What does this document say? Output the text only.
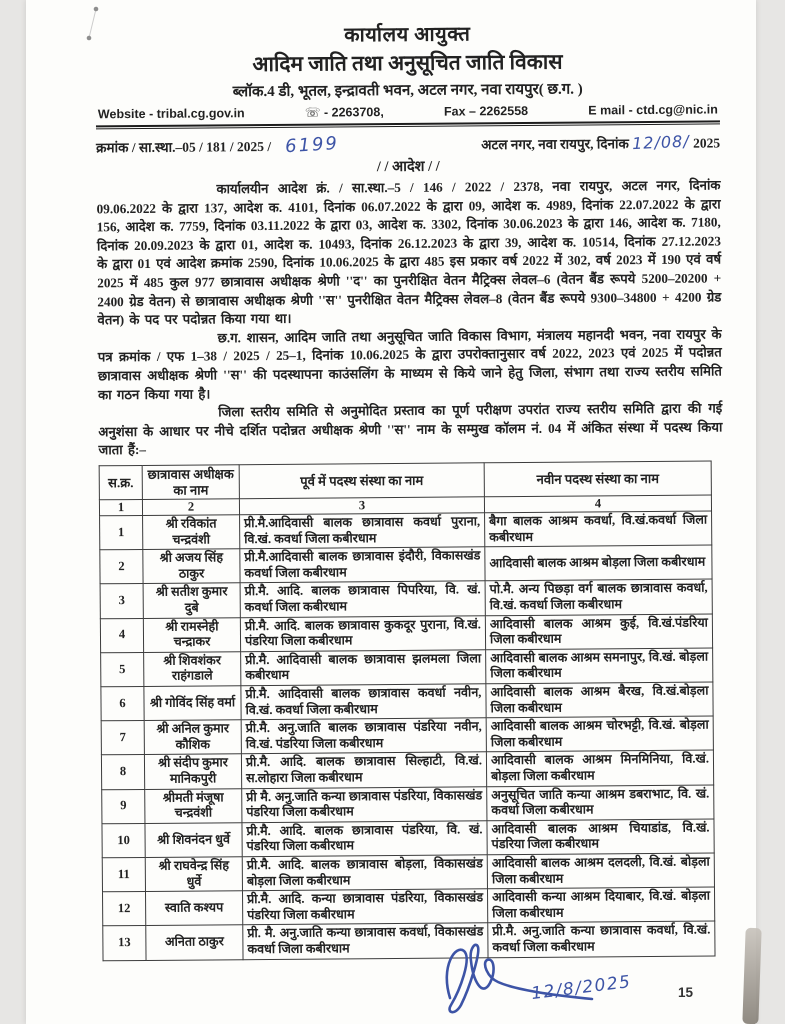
कार्यालय आयुक्त
आदिम जाति तथा अनुसूचित जाति विकास
ब्लॉक.4 डी, भूतल, इन्द्रावती भवन, अटल नगर, नवा रायपुर( छ.ग. )
Website - tribal.cg.gov.in	☏ - 2263708,	Fax – 2262558	E mail - ctd.cg@nic.in
क्रमांक / सा.स्था.–05 / 181 / 2025 / 6199	अटल नगर, नवा रायपुर, दिनांक 12/08/ 2025
/ / आदेश / /

कार्यालयीन आदेश क्रं. / सा.स्था.–5 / 146 / 2022 / 2378, नवा रायपुर, अटल नगर, दिनांक 09.06.2022 के द्वारा 137, आदेश क. 4101, दिनांक 06.07.2022 के द्वारा 09, आदेश क. 4989, दिनांक 22.07.2022 के द्वारा 156, आदेश क. 7759, दिनांक 03.11.2022 के द्वारा 03, आदेश क. 3302, दिनांक 30.06.2023 के द्वारा 146, आदेश क. 7180, दिनांक 20.09.2023 के द्वारा 01, आदेश क. 10493, दिनांक 26.12.2023 के द्वारा 39, आदेश क. 10514, दिनांक 27.12.2023 के द्वारा 01 एवं आदेश क्रमांक 2590, दिनांक 10.06.2025 के द्वारा 485 इस प्रकार वर्ष 2022 में 302, वर्ष 2023 में 190 एवं वर्ष 2025 में 485 कुल 977 छात्रावास अधीक्षक श्रेणी ''द'' का पुनरीक्षित वेतन मैट्रिक्स लेवल–6 (वेतन बैंड रूपये 5200–20200 + 2400 ग्रेड वेतन) से छात्रावास अधीक्षक श्रेणी ''स'' पुनरीक्षित वेतन मैट्रिक्स लेवल–8 (वेतन बैंड रूपये 9300–34800 + 4200 ग्रेड वेतन) के पद पर पदोन्नत किया गया था।

छ.ग. शासन, आदिम जाति तथा अनुसूचित जाति विकास विभाग, मंत्रालय महानदी भवन, नवा रायपुर के पत्र क्रमांक / एफ 1–38 / 2025 / 25–1, दिनांक 10.06.2025 के द्वारा उपरोक्तानुसार वर्ष 2022, 2023 एवं 2025 में पदोन्नत छात्रावास अधीक्षक श्रेणी ''स'' की पदस्थापना काउंसलिंग के माध्यम से किये जाने हेतु जिला, संभाग तथा राज्य स्तरीय समिति का गठन किया गया है।

जिला स्तरीय समिति से अनुमोदित प्रस्ताव का पूर्ण परीक्षण उपरांत राज्य स्तरीय समिति द्वारा की गई अनुशंसा के आधार पर नीचे दर्शित पदोन्नत अधीक्षक श्रेणी ''स'' नाम के सम्मुख कॉलम नं. 04 में अंकित संस्था में पदस्थ किया जाता हैं:–

स.क्र.	छात्रावास अधीक्षक का नाम	पूर्व में पदस्थ संस्था का नाम	नवीन पदस्थ संस्था का नाम
1	2	3	4
1	श्री रविकांत चन्द्रवंशी	प्री.मै.आदिवासी बालक छात्रावास कवर्धा पुराना, वि.खं. कवर्धा जिला कबीरधाम	बैगा बालक आश्रम कवर्धा, वि.खं.कवर्धा जिला कबीरधाम
2	श्री अजय सिंह ठाकुर	प्री.मै.आदिवासी बालक छात्रावास इंदौरी, विकासखंड कवर्धा जिला कबीरधाम	आदिवासी बालक आश्रम बोड़ला जिला कबीरधाम
3	श्री सतीश कुमार दुबे	प्री.मै. आदि. बालक छात्रावास पिपरिया, वि. खं. कवर्धा जिला कबीरधाम	पो.मै. अन्य पिछड़ा वर्ग बालक छात्रावास कवर्धा, वि.खं. कवर्धा जिला कबीरधाम
4	श्री रामस्नेही चन्द्राकर	प्री.मै. आदि. बालक छात्रावास कुकदूर पुराना, वि.खं. पंडरिया जिला कबीरधाम	आदिवासी बालक आश्रम कुई, वि.खं.पंडरिया जिला कबीरधाम
5	श्री शिवशंकर राहंगडाले	प्री.मै. आदिवासी बालक छात्रावास झलमला जिला कबीरधाम	आदिवासी बालक आश्रम समनापुर, वि.खं. बोड़ला जिला कबीरधाम
6	श्री गोविंद सिंह वर्मा	प्री.मै. आदिवासी बालक छात्रावास कवर्धा नवीन, वि.खं. कवर्धा जिला कबीरधाम	आदिवासी बालक आश्रम बैरख, वि.खं.बोड़ला जिला कबीरधाम
7	श्री अनिल कुमार कौशिक	प्री.मै. अनु.जाति बालक छात्रावास पंडरिया नवीन, वि.खं. पंडरिया जिला कबीरधाम	आदिवासी बालक आश्रम चोरभट्टी, वि.खं. बोड़ला जिला कबीरधाम
8	श्री संदीप कुमार मानिकपुरी	प्री.मै. आदि. बालक छात्रावास सिल्हाटी, वि.खं. स.लोहारा जिला कबीरधाम	आदिवासी बालक आश्रम मिनमिनिया, वि.खं. बोड़ला जिला कबीरधाम
9	श्रीमती मंजूषा चन्द्रवंशी	प्री मै. अनु.जाति कन्या छात्रावास पंडरिया, विकासखंड पंडरिया जिला कबीरधाम	अनुसूचित जाति कन्या आश्रम डबराभाट, वि. खं. कवर्धा जिला कबीरधाम
10	श्री शिवनंदन धुर्वे	प्री.मै. आदि. बालक छात्रावास पंडरिया, वि. खं. पंडरिया जिला कबीरधाम	आदिवासी बालक आश्रम चियाडांड, वि.खं. पंडरिया जिला कबीरधाम
11	श्री राघवेन्द्र सिंह धुर्वे	प्री.मै. आदि. बालक छात्रावास बोड़ला, विकासखंड बोड़ला जिला कबीरधाम	आदिवासी बालक आश्रम दलदली, वि.खं. बोड़ला जिला कबीरधाम
12	स्वाति कश्यप	प्री.मै. आदि. कन्या छात्रावास पंडरिया, विकासखंड पंडरिया जिला कबीरधाम	आदिवासी कन्या आश्रम दियाबार, वि.खं. बोड़ला जिला कबीरधाम
13	अनिता ठाकुर	प्री. मै. अनु.जाति कन्या छात्रावास कवर्धा, विकासखंड कवर्धा जिला कबीरधाम	प्री.मै. अनु.जाति कन्या छात्रावास कवर्धा, वि.खं. कवर्धा जिला कबीरधाम
12/8/2025	15
